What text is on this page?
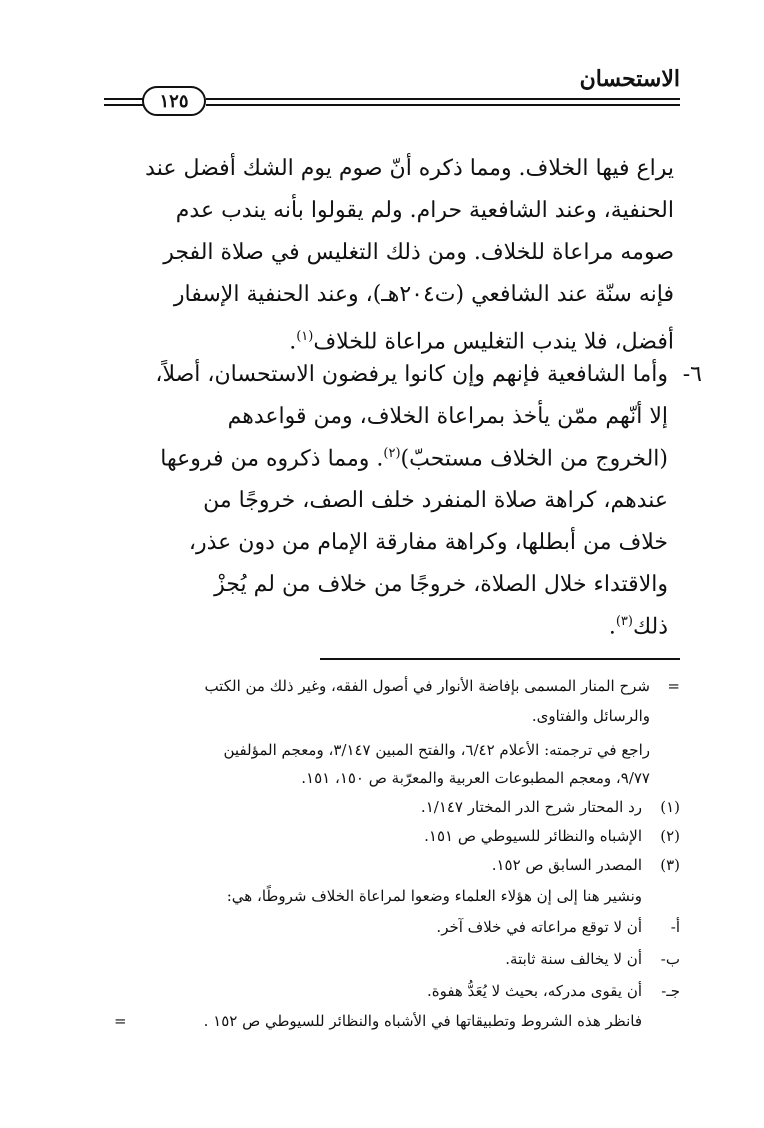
الاستحسان
١٢٥
يراع فيها الخلاف. ومما ذكره أنّ صوم يوم الشك أفضل عند
الحنفية، وعند الشافعية حرام. ولم يقولوا بأنه يندب عدم
صومه مراعاة للخلاف. ومن ذلك التغليس في صلاة الفجر
فإنه سنّة عند الشافعي (ت٢٠٤هـ)، وعند الحنفية الإسفار
أفضل، فلا يندب التغليس مراعاة للخلاف$^{(١)}$.
٦-
وأما الشافعية فإنهم وإن كانوا يرفضون الاستحسان، أصلاً،
إلا أنّهم ممّن يأخذ بمراعاة الخلاف، ومن قواعدهم
(الخروج من الخلاف مستحبّ)$^{(٢)}$. ومما ذكروه من فروعها
عندهم، كراهة صلاة المنفرد خلف الصف، خروجًا من
خلاف من أبطلها، وكراهة مفارقة الإمام من دون عذر،
والاقتداء خلال الصلاة، خروجًا من خلاف من لم يُجزْ
ذلك$^{(٣)}$.
=
شرح المنار المسمى بإفاضة الأنوار في أصول الفقه، وغير ذلك من الكتب
والرسائل والفتاوى.
راجع في ترجمته: الأعلام ٦/٤٢، والفتح المبين ٣/١٤٧، ومعجم المؤلفين
٩/٧٧، ومعجم المطبوعات العربية والمعرّبة ص ١٥٠، ١٥١.
(١)
رد المحتار شرح الدر المختار ١/١٤٧.
(٢)
الإشباه والنظائر للسيوطي ص ١٥١.
(٣)
المصدر السابق ص ١٥٢.
ونشير هنا إلى إن هؤلاء العلماء وضعوا لمراعاة الخلاف شروطًا، هي:
أ-
أن لا توقع مراعاته في خلاف آخر.
ب-
أن لا يخالف سنة ثابتة.
جـ-
أن يقوى مدركه، بحيث لا يُعَدُّ هفوة.
فانظر هذه الشروط وتطبيقاتها في الأشباه والنظائر للسيوطي ص ١٥٢ .
=
